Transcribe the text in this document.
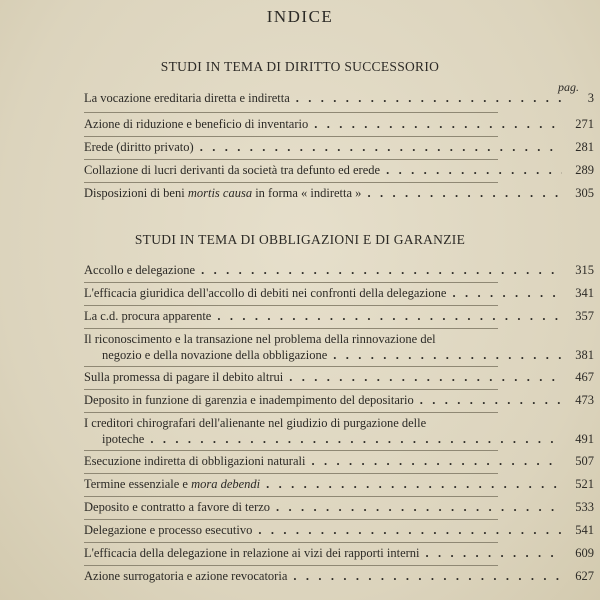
INDICE
STUDI IN TEMA DI DIRITTO SUCCESSORIO
pag.
La vocazione ereditaria diretta e indiretta . .	3
Azione di riduzione e beneficio di inventario . .	271
Erede (diritto privato) . .	281
Collazione di lucri derivanti da società tra defunto ed erede . .	289
Disposizioni di beni mortis causa in forma « indiretta » . .	305
STUDI IN TEMA DI OBBLIGAZIONI E DI GARANZIE
Accollo e delegazione . .	315
L'efficacia giuridica dell'accollo di debiti nei confronti della delegazione . .	341
La c.d. procura apparente . .	357
Il riconoscimento e la transazione nel problema della rinnovazione del
negozio e della novazione della obbligazione . .	381
Sulla promessa di pagare il debito altrui . .	467
Deposito in funzione di garenzia e inadempimento del depositario . .	473
I creditori chirografari dell'alienante nel giudizio di purgazione delle
ipoteche . .	491
Esecuzione indiretta di obbligazioni naturali . .	507
Termine essenziale e mora debendi . .	521
Deposito e contratto a favore di terzo . .	533
Delegazione e processo esecutivo . .	541
L'efficacia della delegazione in relazione ai vizi dei rapporti interni . .	609
Azione surrogatoria e azione revocatoria . .	627
